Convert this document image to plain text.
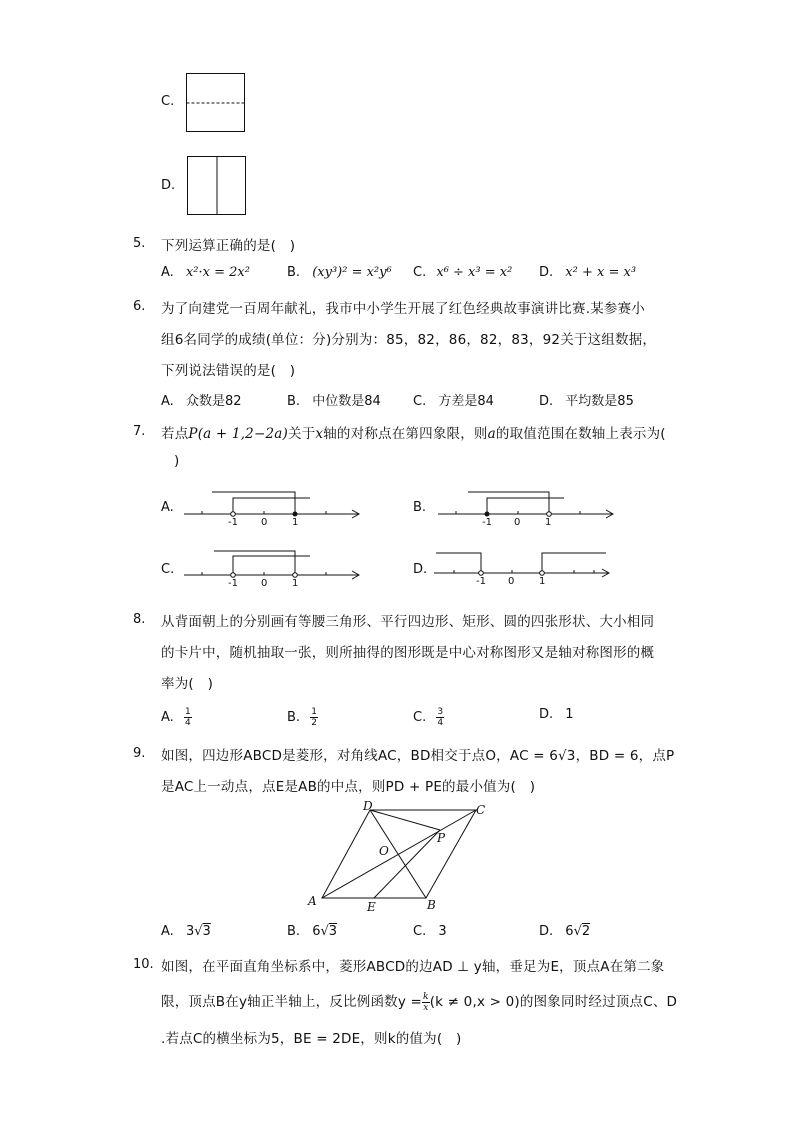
C.
D.
5. 下列运算正确的是(　)
A. x²·x = 2x²	B. (xy³)² = x²y⁶ C. x⁶ ÷ x³ = x² D. x² + x = x³
6. 为了向建党一百周年献礼，我市中小学生开展了红色经典故事演讲比赛.某参赛小
组6名同学的成绩(单位：分)分别为：85，82，86，82，83，92关于这组数据，
下列说法错误的是(　)
A. 众数是82	B. 中位数是84 C. 方差是84	D. 平均数是85
7. 若点P(a + 1,2−2a)关于x轴的对称点在第四象限，则a的取值范围在数轴上表示为(
)
A.
-1 0 1
B.
-1 0 1
C.
-1 0 1
D.
-1 0 1
8. 从背面朝上的分别画有等腰三角形、平行四边形、矩形、圆的四张形状、大小相同
的卡片中，随机抽取一张，则所抽得的图形既是中心对称图形又是轴对称图形的概
率为(　)
A. $\frac{1}{4}$	B. $\frac{1}{2}$	C. $\frac{3}{4}$	D. 1
9. 如图，四边形ABCD是菱形，对角线AC，BD相交于点O，AC = 6√3，BD = 6，点P
是AC上一动点，点E是AB的中点，则PD + PE的最小值为(　)
A	B
C
D
O
P
E
A. 3√3	B. 6√3	C. 3	D. 6√2
10. 如图，在平面直角坐标系中，菱形ABCD的边AD ⊥ y轴，垂足为E，顶点A在第二象
限，顶点B在y轴正半轴上，反比例函数$y = \frac{k}{x} (k \ne 0,x > 0)$的图象同时经过顶点C、D
.若点C的横坐标为5，BE = 2DE，则k的值为(　)
